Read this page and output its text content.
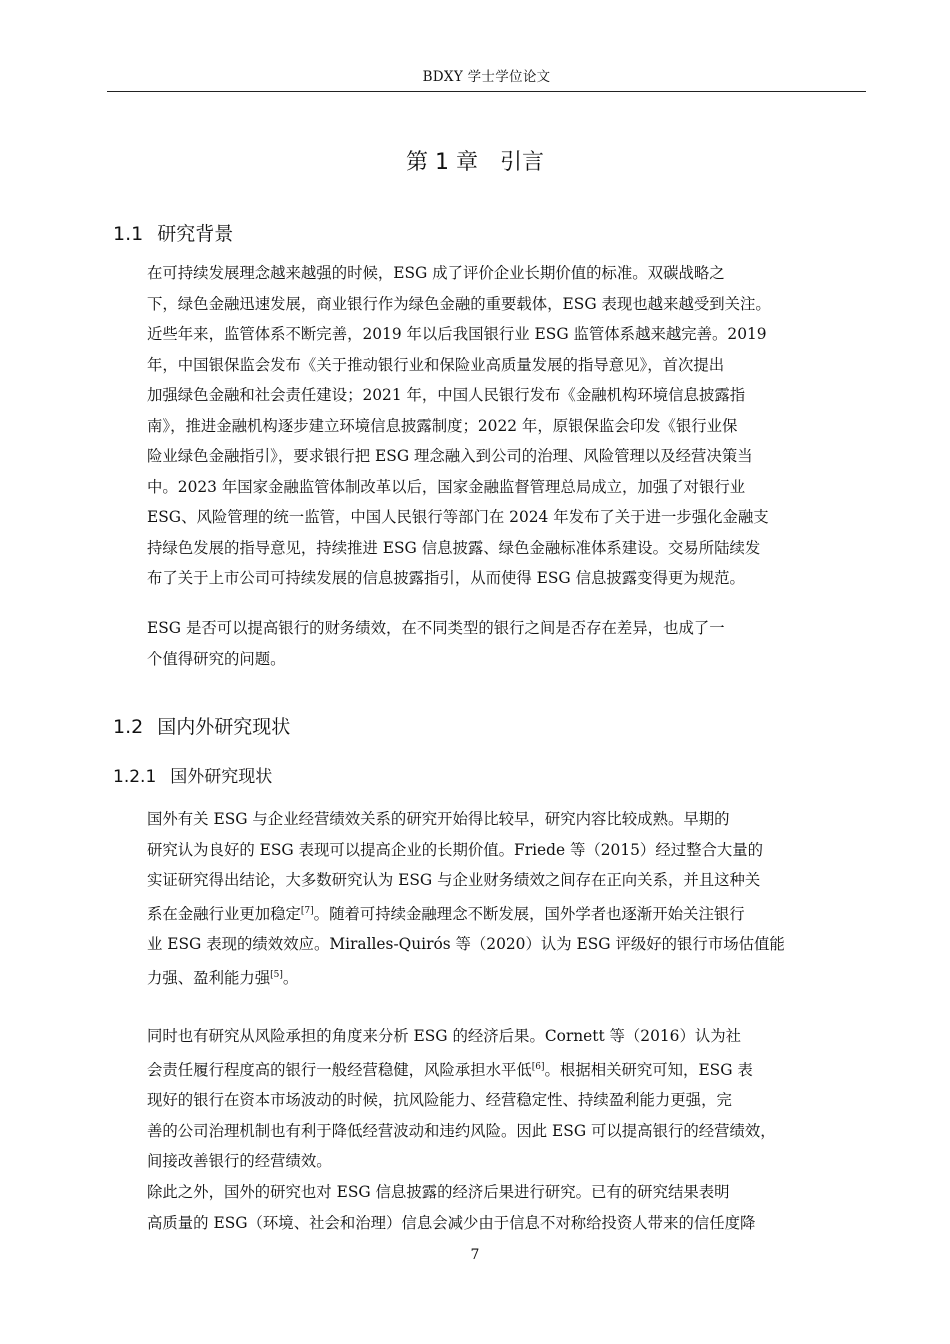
BDXY 学士学位论文
第 1 章　引言
1.1 研究背景

在可持续发展理念越来越强的时候，ESG 成了评价企业长期价值的标准。双碳战略之
下，绿色金融迅速发展，商业银行作为绿色金融的重要载体，ESG 表现也越来越受到关注。
近些年来，监管体系不断完善，2019 年以后我国银行业 ESG 监管体系越来越完善。2019
年，中国银保监会发布《关于推动银行业和保险业高质量发展的指导意见》，首次提出
加强绿色金融和社会责任建设；2021 年，中国人民银行发布《金融机构环境信息披露指
南》，推进金融机构逐步建立环境信息披露制度；2022 年，原银保监会印发《银行业保
险业绿色金融指引》，要求银行把 ESG 理念融入到公司的治理、风险管理以及经营决策当
中。2023 年国家金融监管体制改革以后，国家金融监督管理总局成立，加强了对银行业
ESG、风险管理的统一监管，中国人民银行等部门在 2024 年发布了关于进一步强化金融支
持绿色发展的指导意见，持续推进 ESG 信息披露、绿色金融标准体系建设。交易所陆续发
布了关于上市公司可持续发展的信息披露指引，从而使得 ESG 信息披露变得更为规范。

ESG 是否可以提高银行的财务绩效，在不同类型的银行之间是否存在差异，也成了一
个值得研究的问题。

1.2 国内外研究现状
1.2.1 国外研究现状

国外有关 ESG 与企业经营绩效关系的研究开始得比较早，研究内容比较成熟。早期的
研究认为良好的 ESG 表现可以提高企业的长期价值。Friede 等（2015）经过整合大量的
实证研究得出结论，大多数研究认为 ESG 与企业财务绩效之间存在正向关系，并且这种关
系在金融行业更加稳定[7]。随着可持续金融理念不断发展，国外学者也逐渐开始关注银行
业 ESG 表现的绩效效应。Miralles-Quirós 等（2020）认为 ESG 评级好的银行市场估值能
力强、盈利能力强[5]。

同时也有研究从风险承担的角度来分析 ESG 的经济后果。Cornett 等（2016）认为社
会责任履行程度高的银行一般经营稳健，风险承担水平低[6]。根据相关研究可知，ESG 表
现好的银行在资本市场波动的时候，抗风险能力、经营稳定性、持续盈利能力更强，完
善的公司治理机制也有利于降低经营波动和违约风险。因此 ESG 可以提高银行的经营绩效，
间接改善银行的经营绩效。

除此之外，国外的研究也对 ESG 信息披露的经济后果进行研究。已有的研究结果表明
高质量的 ESG（环境、社会和治理）信息会减少由于信息不对称给投资人带来的信任度降

7
